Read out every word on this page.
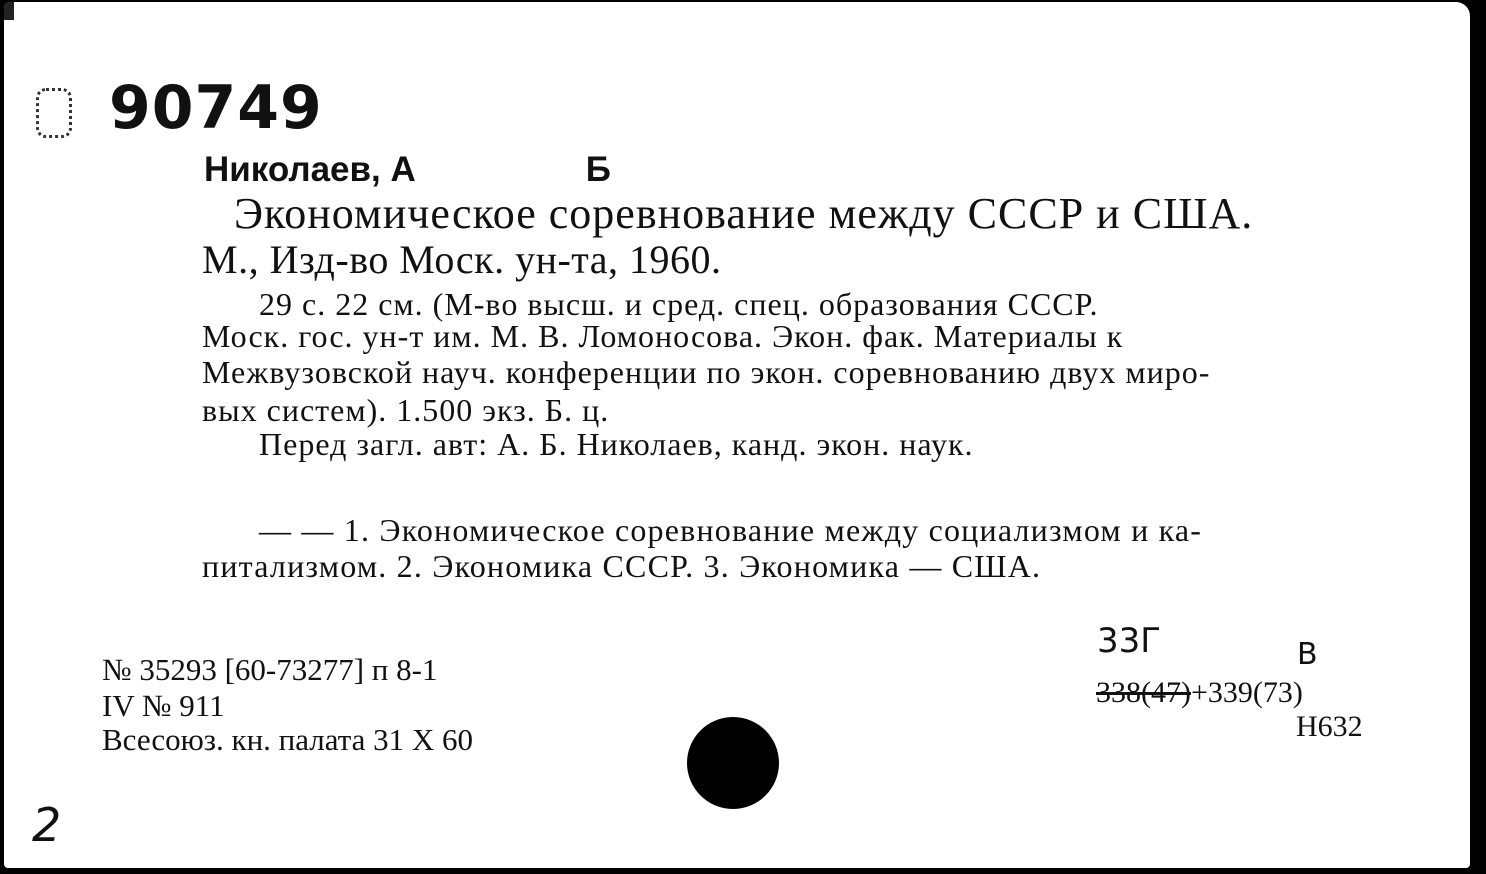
90749
Николаев, А	Б
Экономическое соревнование между СССР и США.
М., Изд-во Моск. ун-та, 1960.
29 с. 22 см. (М-во высш. и сред. спец. образования СССР.
Моск. гос. ун-т им. М. В. Ломоносова. Экон. фак. Материалы к
Межвузовской науч. конференции по экон. соревнованию двух миро-
вых систем). 1.500 экз. Б. ц.
Перед загл. авт: А. Б. Николаев, канд. экон. наук.
— — 1. Экономическое соревнование между социализмом и ка-
питализмом. 2. Экономика СССР. 3. Экономика — США.
№ 35293 [60-73277] п 8-1
IV № 911
Всесоюз. кн. палата 31 X 60
33Г	В
338(47)+339(73)
Н632
2
